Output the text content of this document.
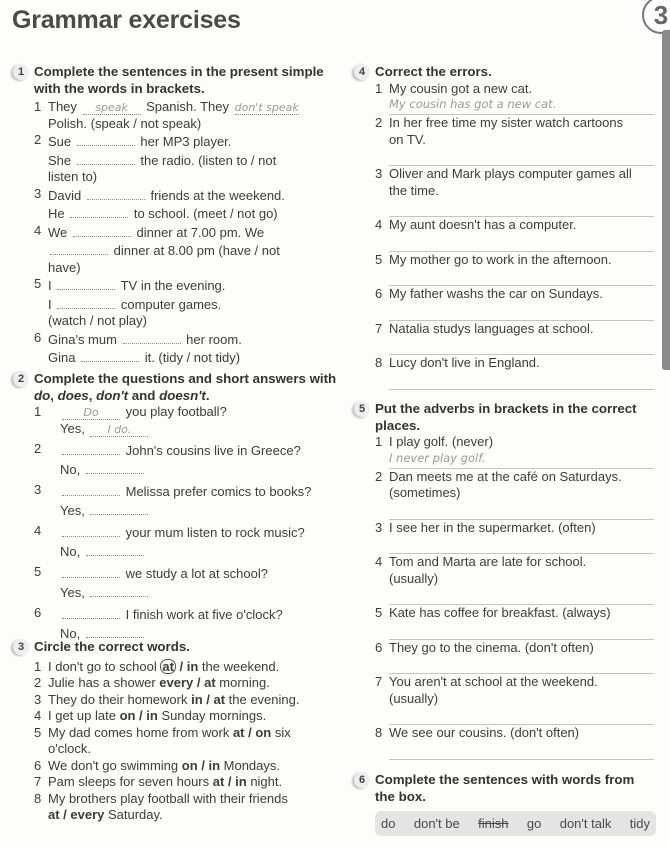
Grammar exercises	3
1 Complete the sentences in the present simple with the words in brackets.
1 They speak Spanish. They don't speak
Polish. (speak / not speak)
2 Sue	her MP3 player.
She	the radio. (listen to / not
listen to)
3 David	friends at the weekend.
He	to school. (meet / not go)
4 We	dinner at 7.00 pm. We
dinner at 8.00 pm (have / not
have)
5 I	TV in the evening.
I	computer games.
(watch / not play)
6 Gina's mum	her room.
Gina	it. (tidy / not tidy)
2 Complete the questions and short answers with do, does, don't and doesn't.
1	Do you play football?
Yes, I do.
2	John's cousins live in Greece?
No,
3	Melissa prefer comics to books?
Yes,
4	your mum listen to rock music?
No,
5	we study a lot at school?
Yes,
6	I finish work at five o'clock?
No,
3 Circle the correct words.
1 I don't go to school at / in the weekend.
2 Julie has a shower every / at morning.
3 They do their homework in / at the evening.
4 I get up late on / in Sunday mornings.
5 My dad comes home from work at / on six
o'clock.
6 We don't go swimming on / in Mondays.
7 Pam sleeps for seven hours at / in night.
8 My brothers play football with their friends
at / every Saturday.
4 Correct the errors.
1 My cousin got a new cat.
My cousin has got a new cat.
2 In her free time my sister watch cartoons
on TV.
3 Oliver and Mark plays computer games all
the time.
4 My aunt doesn't has a computer.
5 My mother go to work in the afternoon.
6 My father washs the car on Sundays.
7 Natalia studys languages at school.
8 Lucy don't live in England.
5 Put the adverbs in brackets in the correct places.
1 I play golf. (never)
I never play golf.
2 Dan meets me at the café on Saturdays.
(sometimes)
3 I see her in the supermarket. (often)
4 Tom and Marta are late for school.
(usually)
5 Kate has coffee for breakfast. (always)
6 They go to the cinema. (don't often)
7 You aren't at school at the weekend.
(usually)
8 We see our cousins. (don't often)
6 Complete the sentences with words from the box.
do don't be finish go don't talk tidy
